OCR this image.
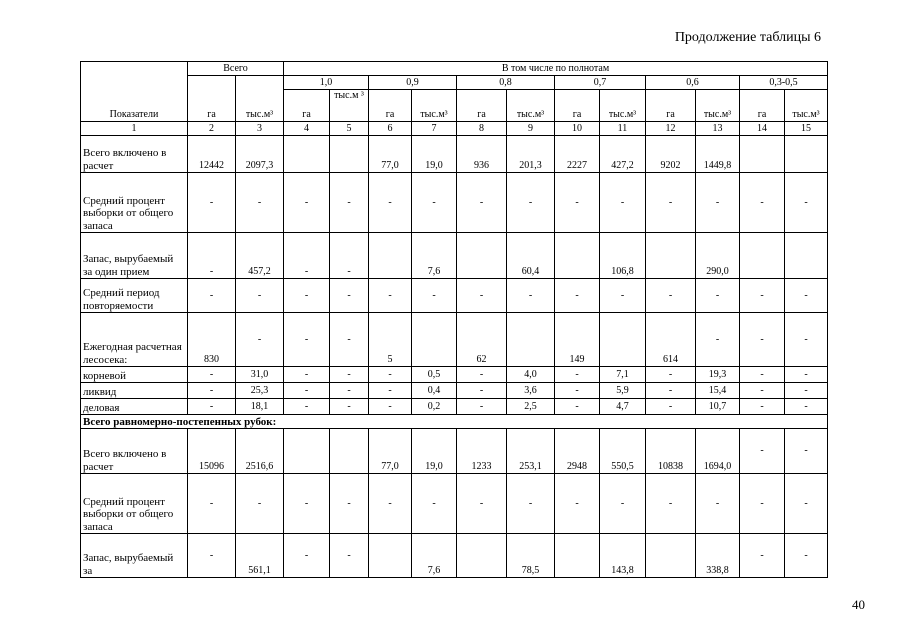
Продолжение таблицы 6
Показатели	Всего		В том числе по полнотам											
	га	тыс.м³	1,0		0,9		0,8		0,7		0,6		0,3-0,5	
			га	тыс.м ³	га	тыс.м³	га	тыс.м³	га	тыс.м³	га	тыс.м³	га	тыс.м³
1	2	3	4	5	6	7	8	9	10	11	12	13	14	15
Всего включено в расчет	12442	2097,3			77,0	19,0	936	201,3	2227	427,2	9202	1449,8		
Средний процент выборки от общего запаса	-	-	-	-	-	-	-	-	-	-	-	-	-	-
Запас, вырубаемый за один прием	-	457,2	-	-		7,6		60,4		106,8		290,0		
Средний период повторяемости	-	-	-	-	-	-	-	-	-	-	-	-	-	-
Ежегодная расчетная лесосека:	830	-	-	-	5		62		149		614	-	-	-
корневой	-	31,0	-	-	-	0,5	-	4,0	-	7,1	-	19,3	-	-
ликвид	-	25,3	-	-	-	0,4	-	3,6	-	5,9	-	15,4	-	-
деловая	-	18,1	-	-	-	0,2	-	2,5	-	4,7	-	10,7	-	-
Всего равномерно-постепенных рубок:														
Всего включено в расчет	15096	2516,6			77,0	19,0	1233	253,1	2948	550,5	10838	1694,0	-	-
Средний процент выборки от общего запаса	-	-	-	-	-	-	-	-	-	-	-	-	-	-
Запас, вырубаемый за	-	561,1	-	-		7,6		78,5		143,8		338,8	-	-
40
